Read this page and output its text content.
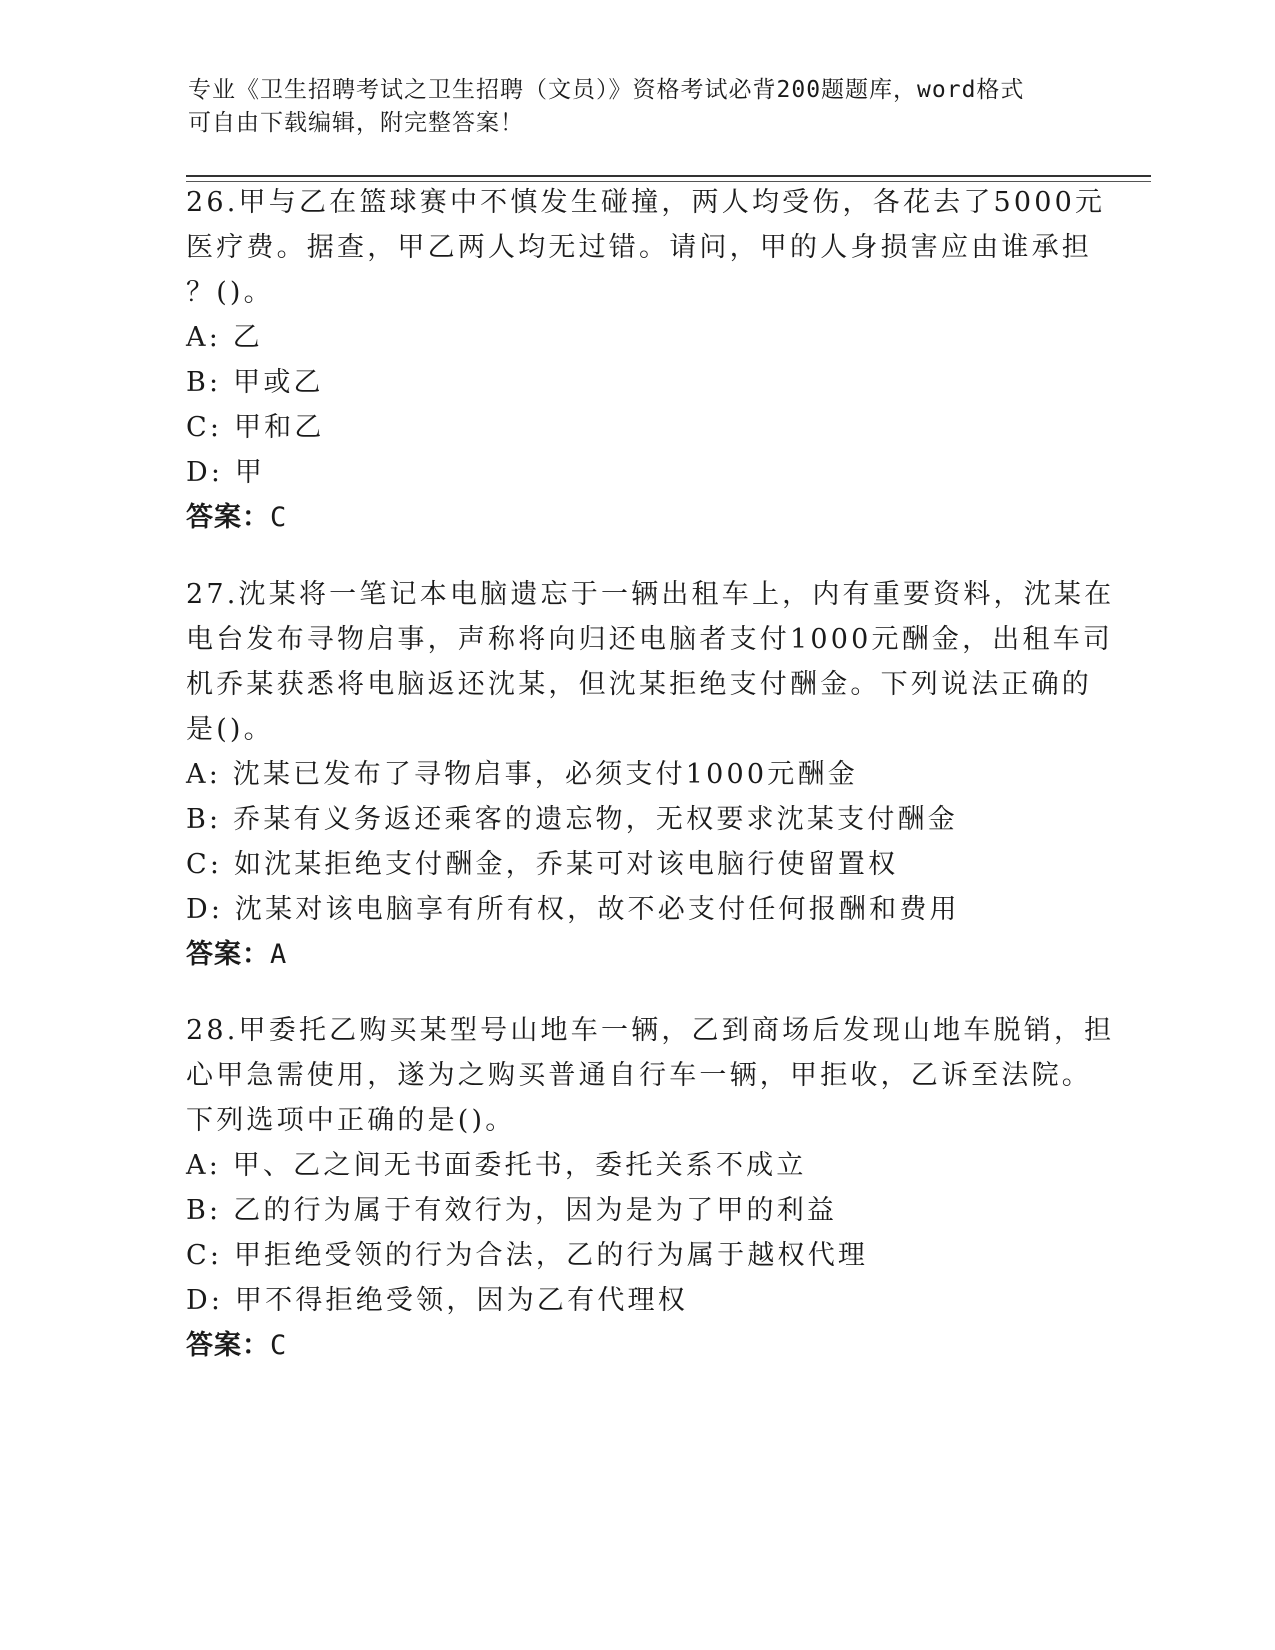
专业《卫生招聘考试之卫生招聘（文员）》资格考试必背200题题库，word格式
可自由下载编辑，附完整答案！
26.甲与乙在篮球赛中不慎发生碰撞，两人均受伤，各花去了5000元
医疗费。据查，甲乙两人均无过错。请问，甲的人身损害应由谁承担
？()。
A: 乙
B: 甲或乙
C: 甲和乙
D: 甲
答案：C
27.沈某将一笔记本电脑遗忘于一辆出租车上，内有重要资料，沈某在
电台发布寻物启事，声称将向归还电脑者支付1000元酬金，出租车司
机乔某获悉将电脑返还沈某，但沈某拒绝支付酬金。下列说法正确的
是()。
A: 沈某已发布了寻物启事，必须支付1000元酬金
B: 乔某有义务返还乘客的遗忘物，无权要求沈某支付酬金
C: 如沈某拒绝支付酬金，乔某可对该电脑行使留置权
D: 沈某对该电脑享有所有权，故不必支付任何报酬和费用
答案：A
28.甲委托乙购买某型号山地车一辆，乙到商场后发现山地车脱销，担
心甲急需使用，遂为之购买普通自行车一辆，甲拒收，乙诉至法院。
下列选项中正确的是()。
A: 甲、乙之间无书面委托书，委托关系不成立
B: 乙的行为属于有效行为，因为是为了甲的利益
C: 甲拒绝受领的行为合法，乙的行为属于越权代理
D: 甲不得拒绝受领，因为乙有代理权
答案：C
